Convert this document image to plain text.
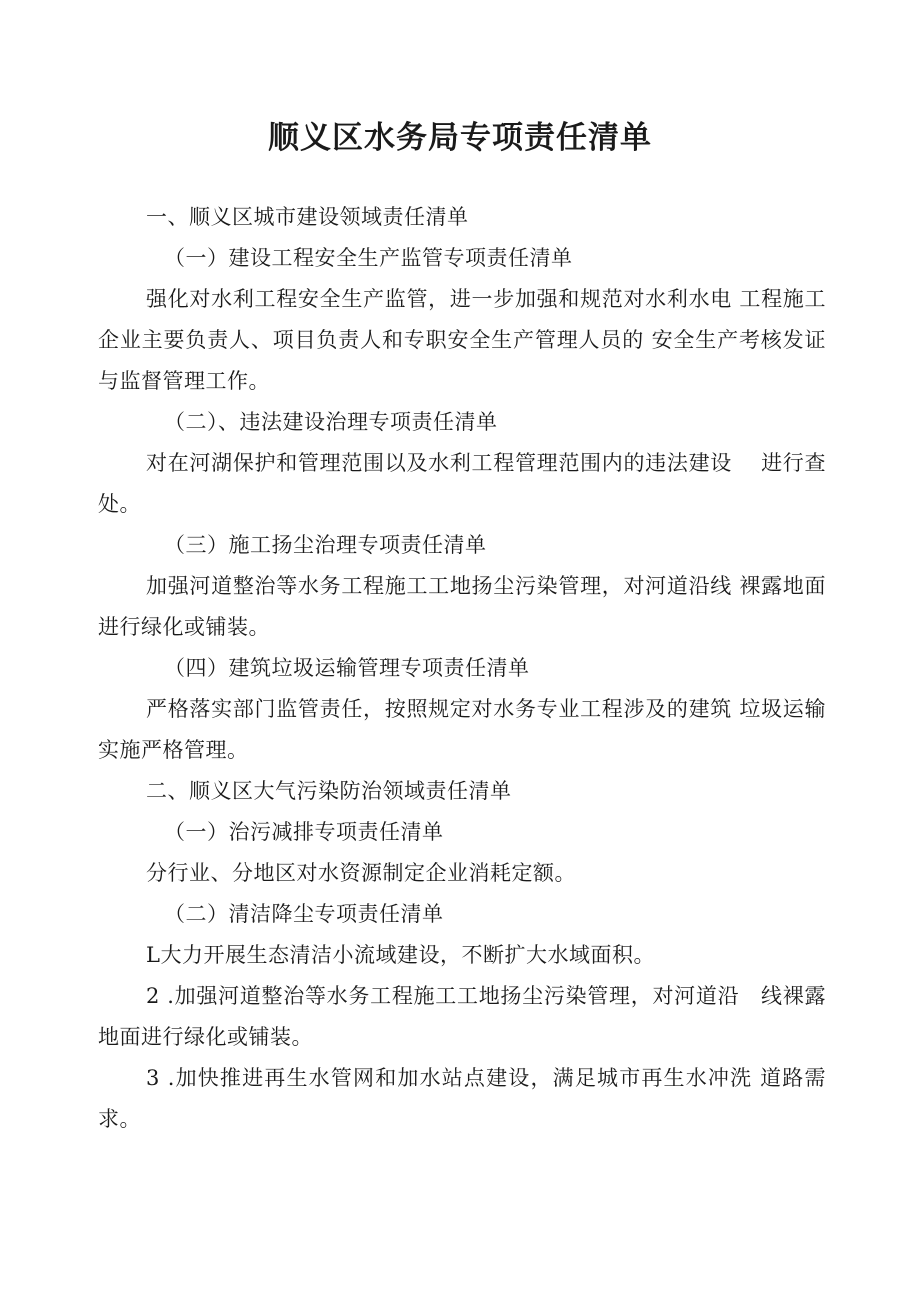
顺义区水务局专项责任清单

一、顺义区城市建设领域责任清单

（一）建设工程安全生产监管专项责任清单

强化对水利工程安全生产监管，进一步加强和规范对水利水电 工程施工企业主要负责人、项目负责人和专职安全生产管理人员的 安全生产考核发证与监督管理工作。

（二）、违法建设治理专项责任清单

对在河湖保护和管理范围以及水利工程管理范围内的违法建设　 进行查处。

（三）施工扬尘治理专项责任清单

加强河道整治等水务工程施工工地扬尘污染管理，对河道沿线 裸露地面进行绿化或铺装。

（四）建筑垃圾运输管理专项责任清单

严格落实部门监管责任，按照规定对水务专业工程涉及的建筑 垃圾运输实施严格管理。

二、顺义区大气污染防治领域责任清单

（一）治污减排专项责任清单

分行业、分地区对水资源制定企业消耗定额。

（二）清洁降尘专项责任清单

L大力开展生态清洁小流域建设，不断扩大水域面积。

2 .加强河道整治等水务工程施工工地扬尘污染管理，对河道沿　线裸露地面进行绿化或铺装。

3 .加快推进再生水管网和加水站点建设，满足城市再生水冲洗 道路需求。
